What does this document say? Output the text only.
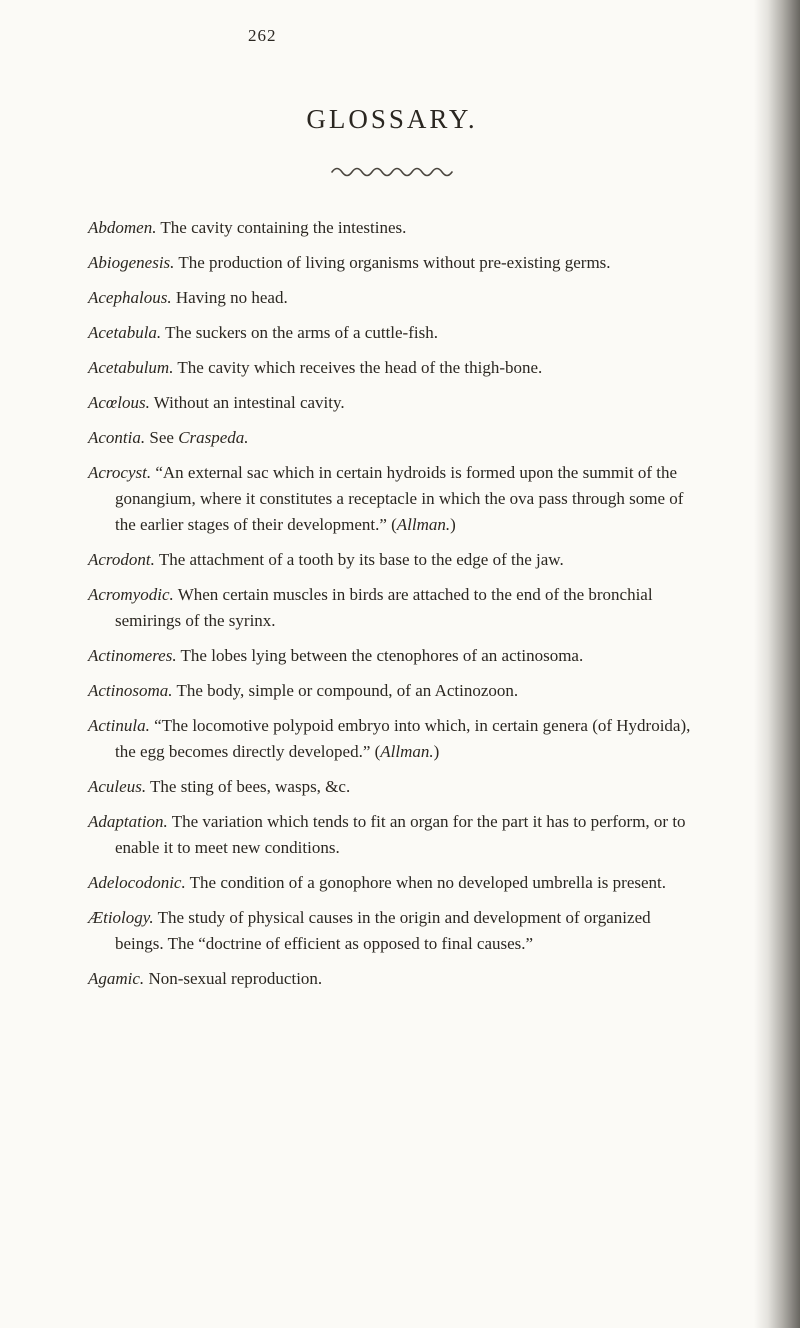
262
GLOSSARY.

Abdomen. The cavity containing the intestines.

Abiogenesis. The production of living organisms without pre-existing germs.

Acephalous. Having no head.

Acetabula. The suckers on the arms of a cuttle-fish.

Acetabulum. The cavity which receives the head of the thigh-bone.

Acœlous. Without an intestinal cavity.

Acontia. See Craspeda.

Acrocyst. “An external sac which in certain hydroids is formed upon the summit of the gonangium, where it constitutes a receptacle in which the ova pass through some of the earlier stages of their development.” (Allman.)

Acrodont. The attachment of a tooth by its base to the edge of the jaw.

Acromyodic. When certain muscles in birds are attached to the end of the bronchial semirings of the syrinx.

Actinomeres. The lobes lying between the ctenophores of an actinosoma.

Actinosoma. The body, simple or compound, of an Actinozoon.

Actinula. “The locomotive polypoid embryo into which, in certain genera (of Hydroida), the egg becomes directly developed.” (Allman.)

Aculeus. The sting of bees, wasps, &c.

Adaptation. The variation which tends to fit an organ for the part it has to perform, or to enable it to meet new conditions.

Adelocodonic. The condition of a gonophore when no developed umbrella is present.

Ætiology. The study of physical causes in the origin and development of organized beings. The “doctrine of efficient as opposed to final causes.”

Agamic. Non-sexual reproduction.
